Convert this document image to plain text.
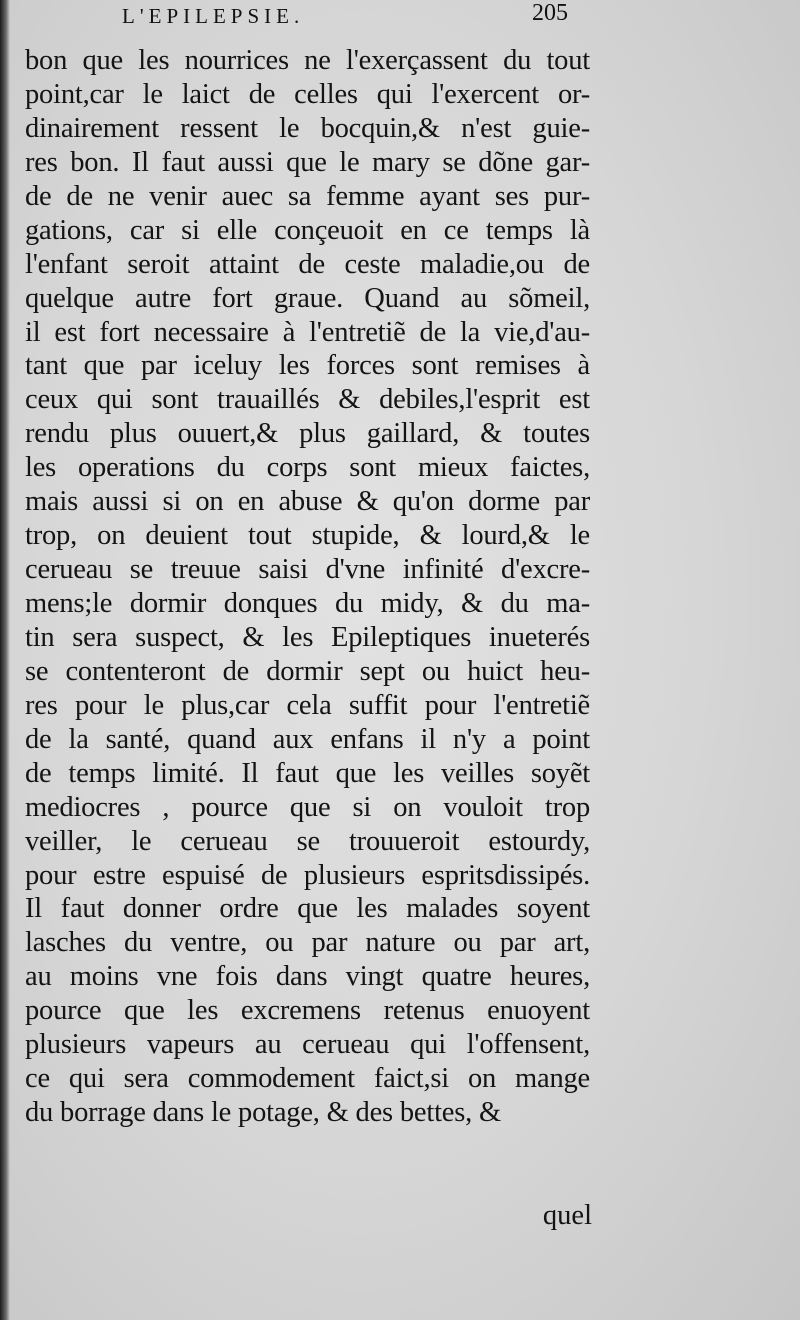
L'EPILEPSIE.	205
bon que les nourrices ne l'exerçassent du tout
point,car le laict de celles qui l'exercent or-
dinairement ressent le bocquin,& n'est guie-
res bon. Il faut aussi que le mary se dõne gar-
de de ne venir auec sa femme ayant ses pur-
gations, car si elle conçeuoit en ce temps là
l'enfant seroit attaint de ceste maladie,ou de
quelque autre fort graue. Quand au sõmeil,
il est fort necessaire à l'entretiẽ de la vie,d'au-
tant que par iceluy les forces sont remises à
ceux qui sont trauaillés & debiles,l'esprit est
rendu plus ouuert,& plus gaillard, & toutes
les operations du corps sont mieux faictes,
mais aussi si on en abuse & qu'on dorme par
trop, on deuient tout stupide, & lourd,& le
cerueau se treuue saisi d'vne infinité d'excre-
mens;le dormir donques du midy, & du ma-
tin sera suspect, & les Epileptiques inueterés
se contenteront de dormir sept ou huict heu-
res pour le plus,car cela suffit pour l'entretiẽ
de la santé, quand aux enfans il n'y a point
de temps limité. Il faut que les veilles soyẽt
mediocres , pource que si on vouloit trop
veiller, le cerueau se trouueroit estourdy,
pour estre espuisé de plusieurs espritsdissipés.
Il faut donner ordre que les malades soyent
lasches du ventre, ou par nature ou par art,
au moins vne fois dans vingt quatre heures,
pource que les excremens retenus enuoyent
plusieurs vapeurs au cerueau qui l'offensent,
ce qui sera commodement faict,si on mange
du borrage dans le potage, & des bettes, &
quel
